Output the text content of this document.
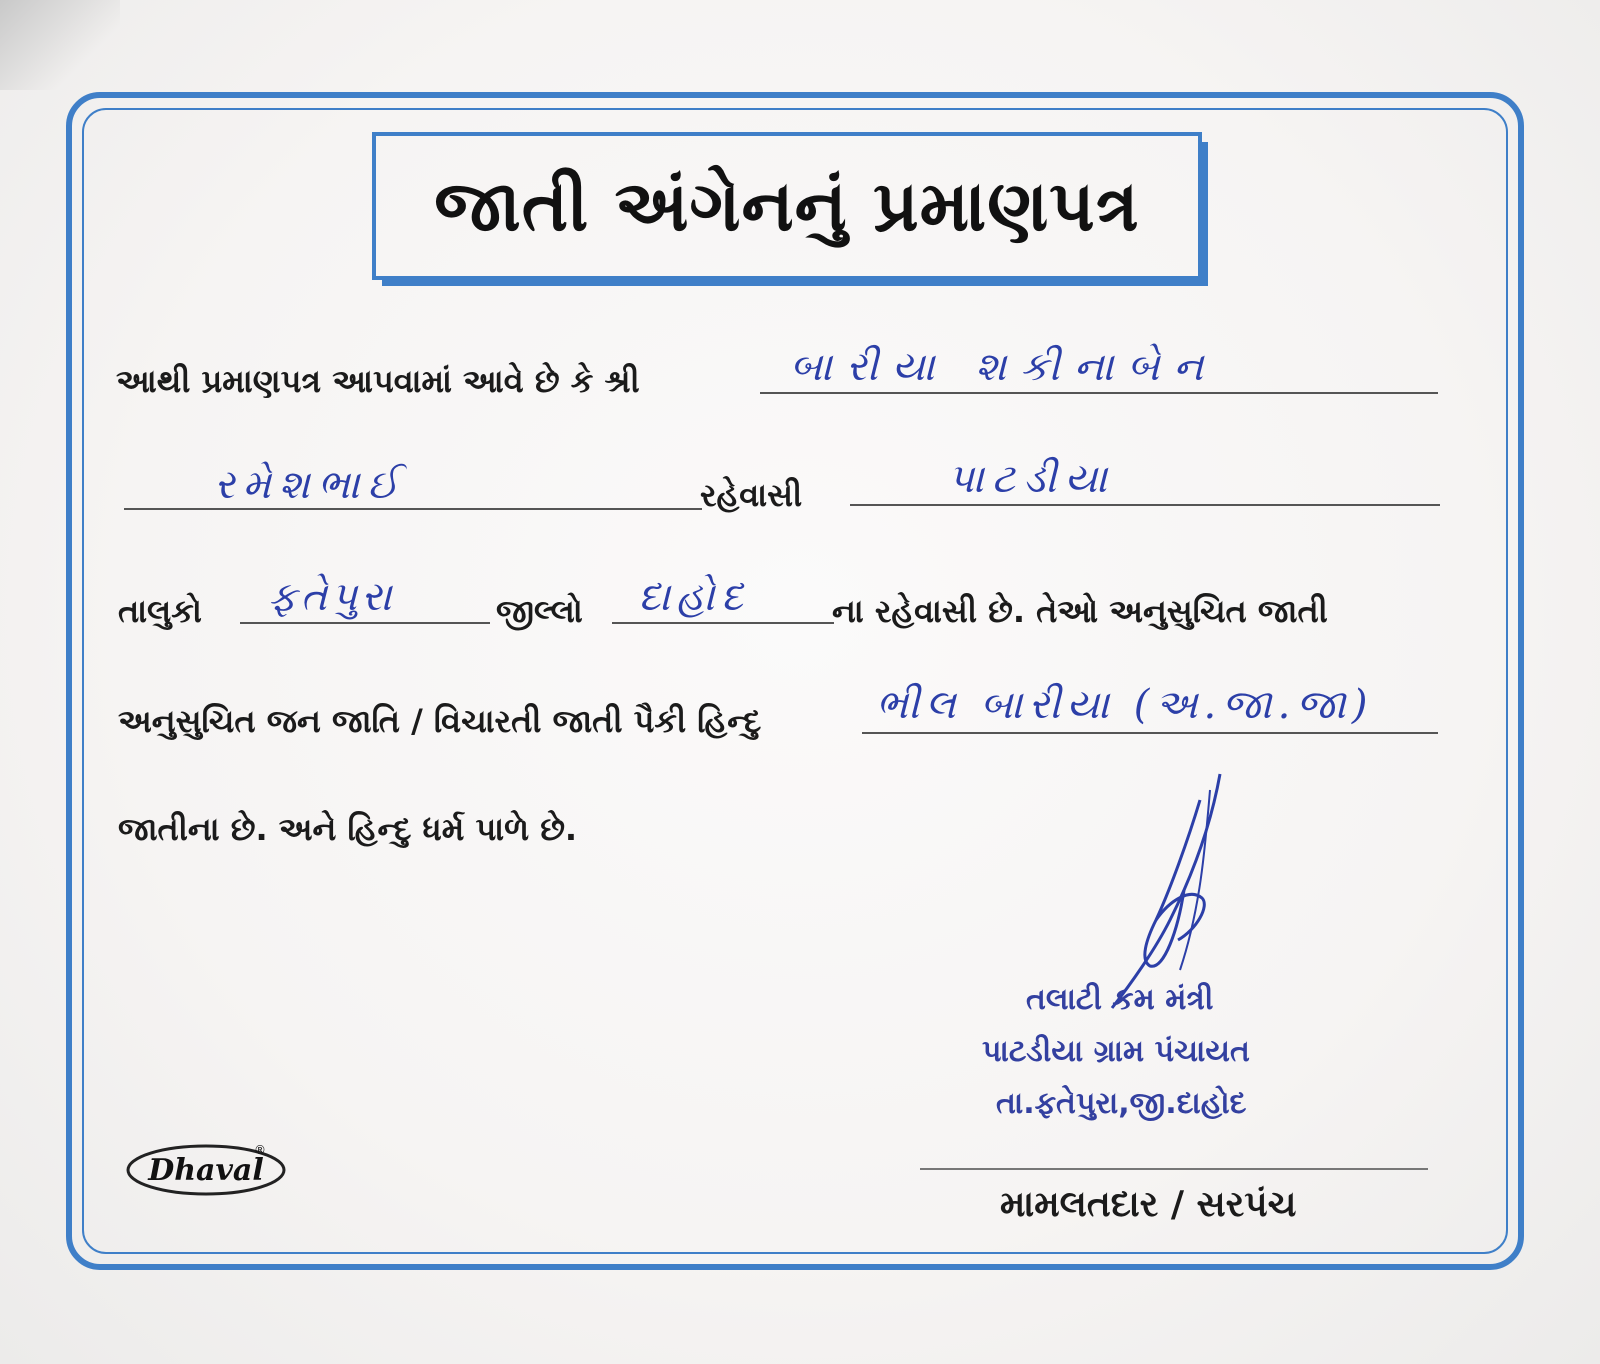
જાતી અંગેનનું પ્રમાણપત્ર
આથી પ્રમાણપત્ર આપવામાં આવે છે કે શ્રી	બારીયા શકીનાબેન
રમેશભાઈ	રહેવાસી	પાટડીયા
તાલુકો ફતેપુરા	જીલ્લો દાહોદ	ના રહેવાસી છે. તેઓ અનુસુચિત જાતી
અનુસુચિત જન જાતિ / વિચારતી જાતી પૈકી હિન્દુ	ભીલ બારીયા (અ.જા.જા)
જાતીના છે. અને હિન્દુ ધર્મ પાળે છે.
તલાટી કમ મંત્રી
પાટડીયા ગ્રામ પંચાયત
તા.ફતેપુરા,જી.દાહોદ
મામલતદાર / સરપંચ
Dhaval
®
